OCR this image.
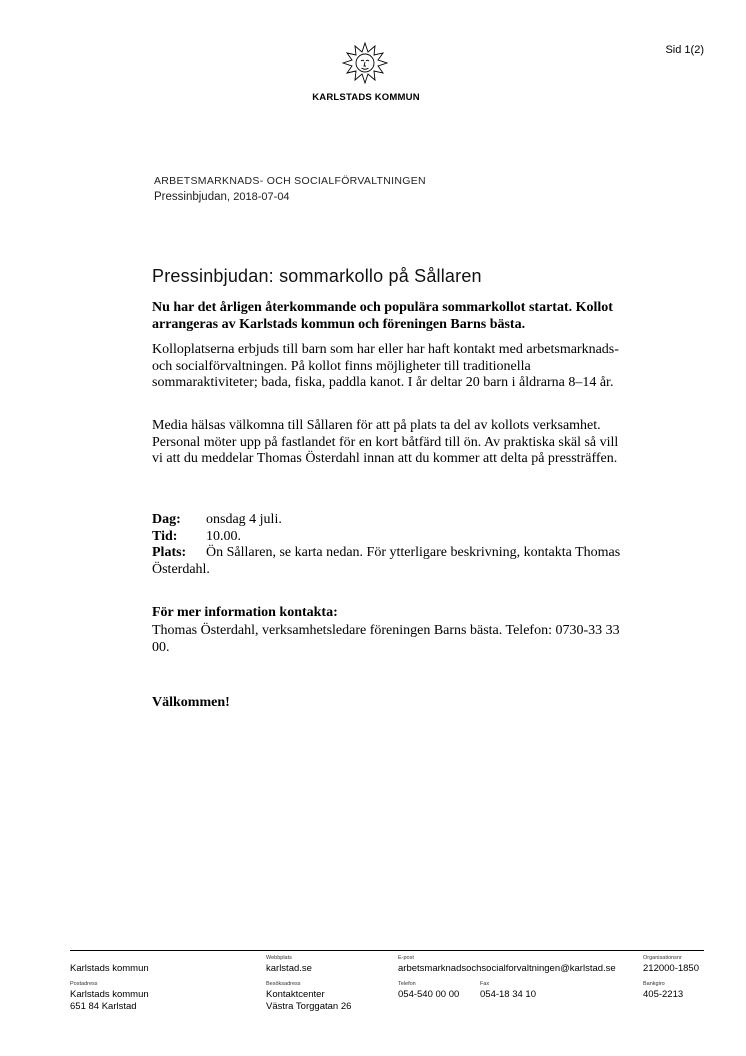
Sid 1(2)
KARLSTADS KOMMUN
ARBETSMARKNADS- OCH SOCIALFÖRVALTNINGEN
Pressinbjudan, 2018-07-04
Pressinbjudan: sommarkollo på Sållaren
Nu har det årligen återkommande och populära sommarkollot startat. Kollot arrangeras av Karlstads kommun och föreningen Barns bästa.
Kolloplatserna erbjuds till barn som har eller har haft kontakt med arbetsmarknads- och socialförvaltningen. På kollot finns möjligheter till traditionella sommaraktiviteter; bada, fiska, paddla kanot. I år deltar 20 barn i åldrarna 8–14 år.
Media hälsas välkomna till Sållaren för att på plats ta del av kollots verksamhet. Personal möter upp på fastlandet för en kort båtfärd till ön. Av praktiska skäl så vill vi att du meddelar Thomas Österdahl innan att du kommer att delta på pressträffen.
Dag: onsdag 4 juli.
Tid: 10.00.
Plats: Ön Sållaren, se karta nedan. För ytterligare beskrivning, kontakta Thomas Österdahl.
För mer information kontakta:
Thomas Österdahl, verksamhetsledare föreningen Barns bästa. Telefon: 0730-33 33 00.
Välkommen!
Karlstads kommun
Webbplats
karlstad.se
E-post
arbetsmarknadsochsocialforvaltningen@karlstad.se
Organisationsnr
212000-1850
Postadress
Karlstads kommun
651 84 Karlstad
Besöksadress
Kontaktcenter
Västra Torggatan 26
Telefon
054-540 00 00
Fax
054-18 34 10
Bankgiro
405-2213
